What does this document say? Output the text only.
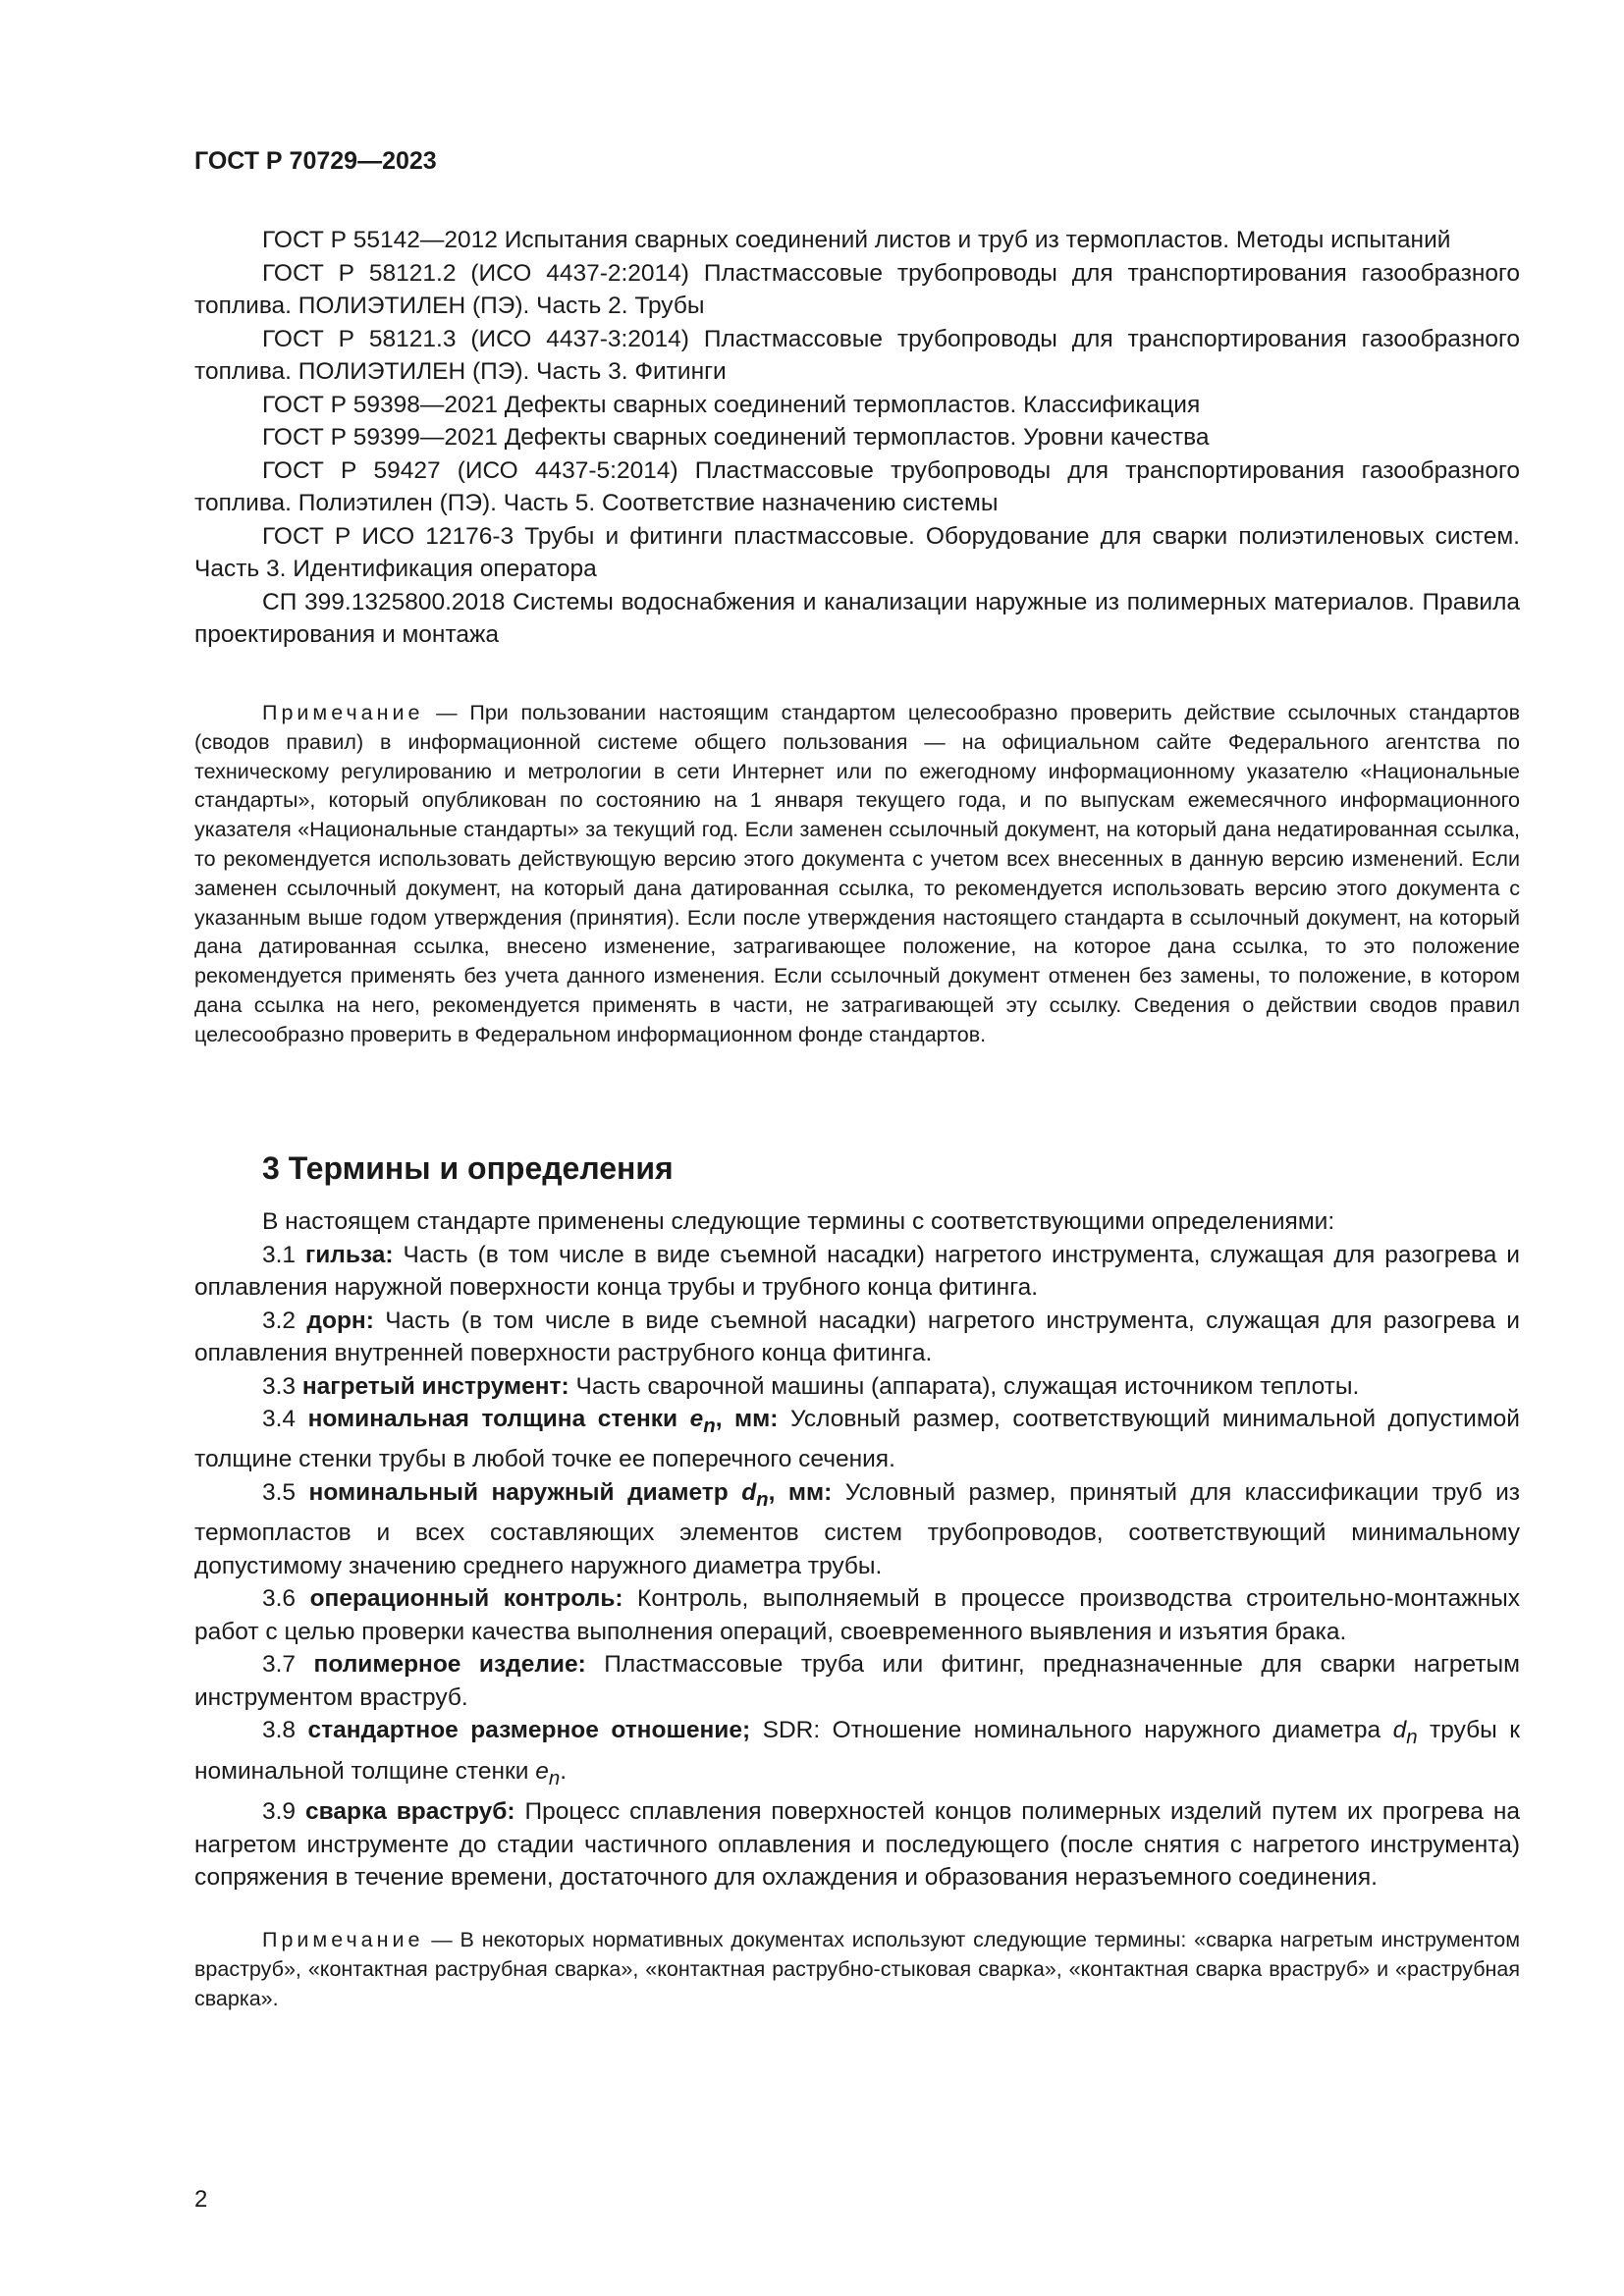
ГОСТ Р 70729—2023

ГОСТ Р 55142—2012 Испытания сварных соединений листов и труб из термопластов. Методы испытаний

ГОСТ Р 58121.2 (ИСО 4437-2:2014) Пластмассовые трубопроводы для транспортирования газообразного топлива. ПОЛИЭТИЛЕН (ПЭ). Часть 2. Трубы

ГОСТ Р 58121.3 (ИСО 4437-3:2014) Пластмассовые трубопроводы для транспортирования газообразного топлива. ПОЛИЭТИЛЕН (ПЭ). Часть 3. Фитинги

ГОСТ Р 59398—2021 Дефекты сварных соединений термопластов. Классификация

ГОСТ Р 59399—2021 Дефекты сварных соединений термопластов. Уровни качества

ГОСТ Р 59427 (ИСО 4437-5:2014) Пластмассовые трубопроводы для транспортирования газообразного топлива. Полиэтилен (ПЭ). Часть 5. Соответствие назначению системы

ГОСТ Р ИСО 12176-3 Трубы и фитинги пластмассовые. Оборудование для сварки полиэтиленовых систем. Часть 3. Идентификация оператора

СП 399.1325800.2018 Системы водоснабжения и канализации наружные из полимерных материалов. Правила проектирования и монтажа

Примечание — При пользовании настоящим стандартом целесообразно проверить действие ссылочных стандартов (сводов правил) в информационной системе общего пользования — на официальном сайте Федерального агентства по техническому регулированию и метрологии в сети Интернет или по ежегодному информационному указателю «Национальные стандарты», который опубликован по состоянию на 1 января текущего года, и по выпускам ежемесячного информационного указателя «Национальные стандарты» за текущий год. Если заменен ссылочный документ, на который дана недатированная ссылка, то рекомендуется использовать действующую версию этого документа с учетом всех внесенных в данную версию изменений. Если заменен ссылочный документ, на который дана датированная ссылка, то рекомендуется использовать версию этого документа с указанным выше годом утверждения (принятия). Если после утверждения настоящего стандарта в ссылочный документ, на который дана датированная ссылка, внесено изменение, затрагивающее положение, на которое дана ссылка, то это положение рекомендуется применять без учета данного изменения. Если ссылочный документ отменен без замены, то положение, в котором дана ссылка на него, рекомендуется применять в части, не затрагивающей эту ссылку. Сведения о действии сводов правил целесообразно проверить в Федеральном информационном фонде стандартов.

3 Термины и определения

В настоящем стандарте применены следующие термины с соответствующими определениями:

3.1 гильза: Часть (в том числе в виде съемной насадки) нагретого инструмента, служащая для разогрева и оплавления наружной поверхности конца трубы и трубного конца фитинга.

3.2 дорн: Часть (в том числе в виде съемной насадки) нагретого инструмента, служащая для разогрева и оплавления внутренней поверхности раструбного конца фитинга.

3.3 нагретый инструмент: Часть сварочной машины (аппарата), служащая источником теплоты.

3.4 номинальная толщина стенки $e_n$, мм: Условный размер, соответствующий минимальной допустимой толщине стенки трубы в любой точке ее поперечного сечения.

3.5 номинальный наружный диаметр $d_n$, мм: Условный размер, принятый для классификации труб из термопластов и всех составляющих элементов систем трубопроводов, соответствующий минимальному допустимому значению среднего наружного диаметра трубы.

3.6 операционный контроль: Контроль, выполняемый в процессе производства строительно-монтажных работ с целью проверки качества выполнения операций, своевременного выявления и изъятия брака.

3.7 полимерное изделие: Пластмассовые труба или фитинг, предназначенные для сварки нагретым инструментом враструб.

3.8 стандартное размерное отношение; SDR: Отношение номинального наружного диаметра $d_n$ трубы к номинальной толщине стенки $e_n$.

3.9 сварка враструб: Процесс сплавления поверхностей концов полимерных изделий путем их прогрева на нагретом инструменте до стадии частичного оплавления и последующего (после снятия с нагретого инструмента) сопряжения в течение времени, достаточного для охлаждения и образования неразъемного соединения.

Примечание — В некоторых нормативных документах используют следующие термины: «сварка нагретым инструментом враструб», «контактная раструбная сварка», «контактная раструбно-стыковая сварка», «контактная сварка враструб» и «раструбная сварка».

2
